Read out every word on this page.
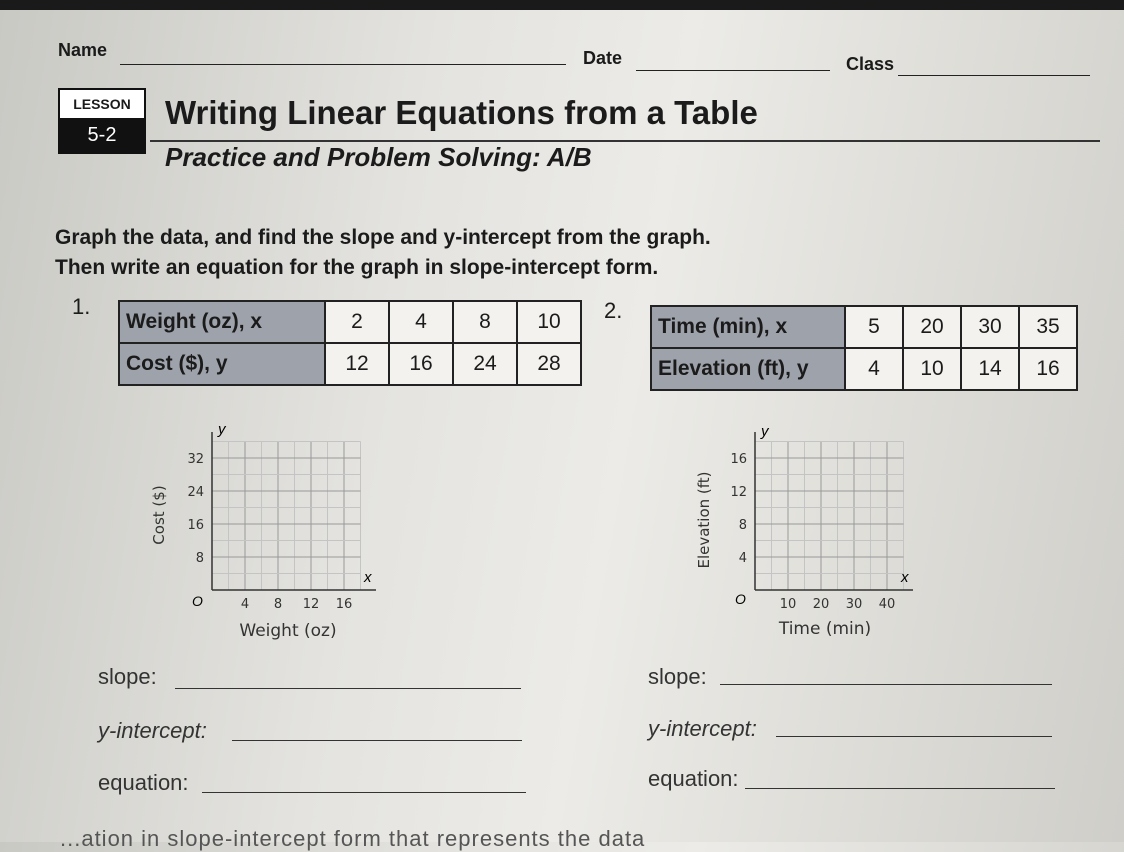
Name	Date	Class
LESSON
5-2
Writing Linear Equations from a Table
Practice and Problem Solving: A/B
Graph the data, and find the slope and y-intercept from the graph.
Then write an equation for the graph in slope-intercept form.
1.
Weight (oz), x	2	4	8	10
Cost ($), y	12	16	24	28
2.
Time (min), x	5	20	30	35
Elevation (ft), y	4	10	14	16
y
x
O
8
16
24
32
4 8 12 16
Weight (oz)
Cost ($)
y
x
O
4
8
12
16
10 20 30 40
Time (min)
Elevation (ft)
slope:
y-intercept:
equation:
slope:
y-intercept:
equation:
...ation in slope-intercept form that represents the data
